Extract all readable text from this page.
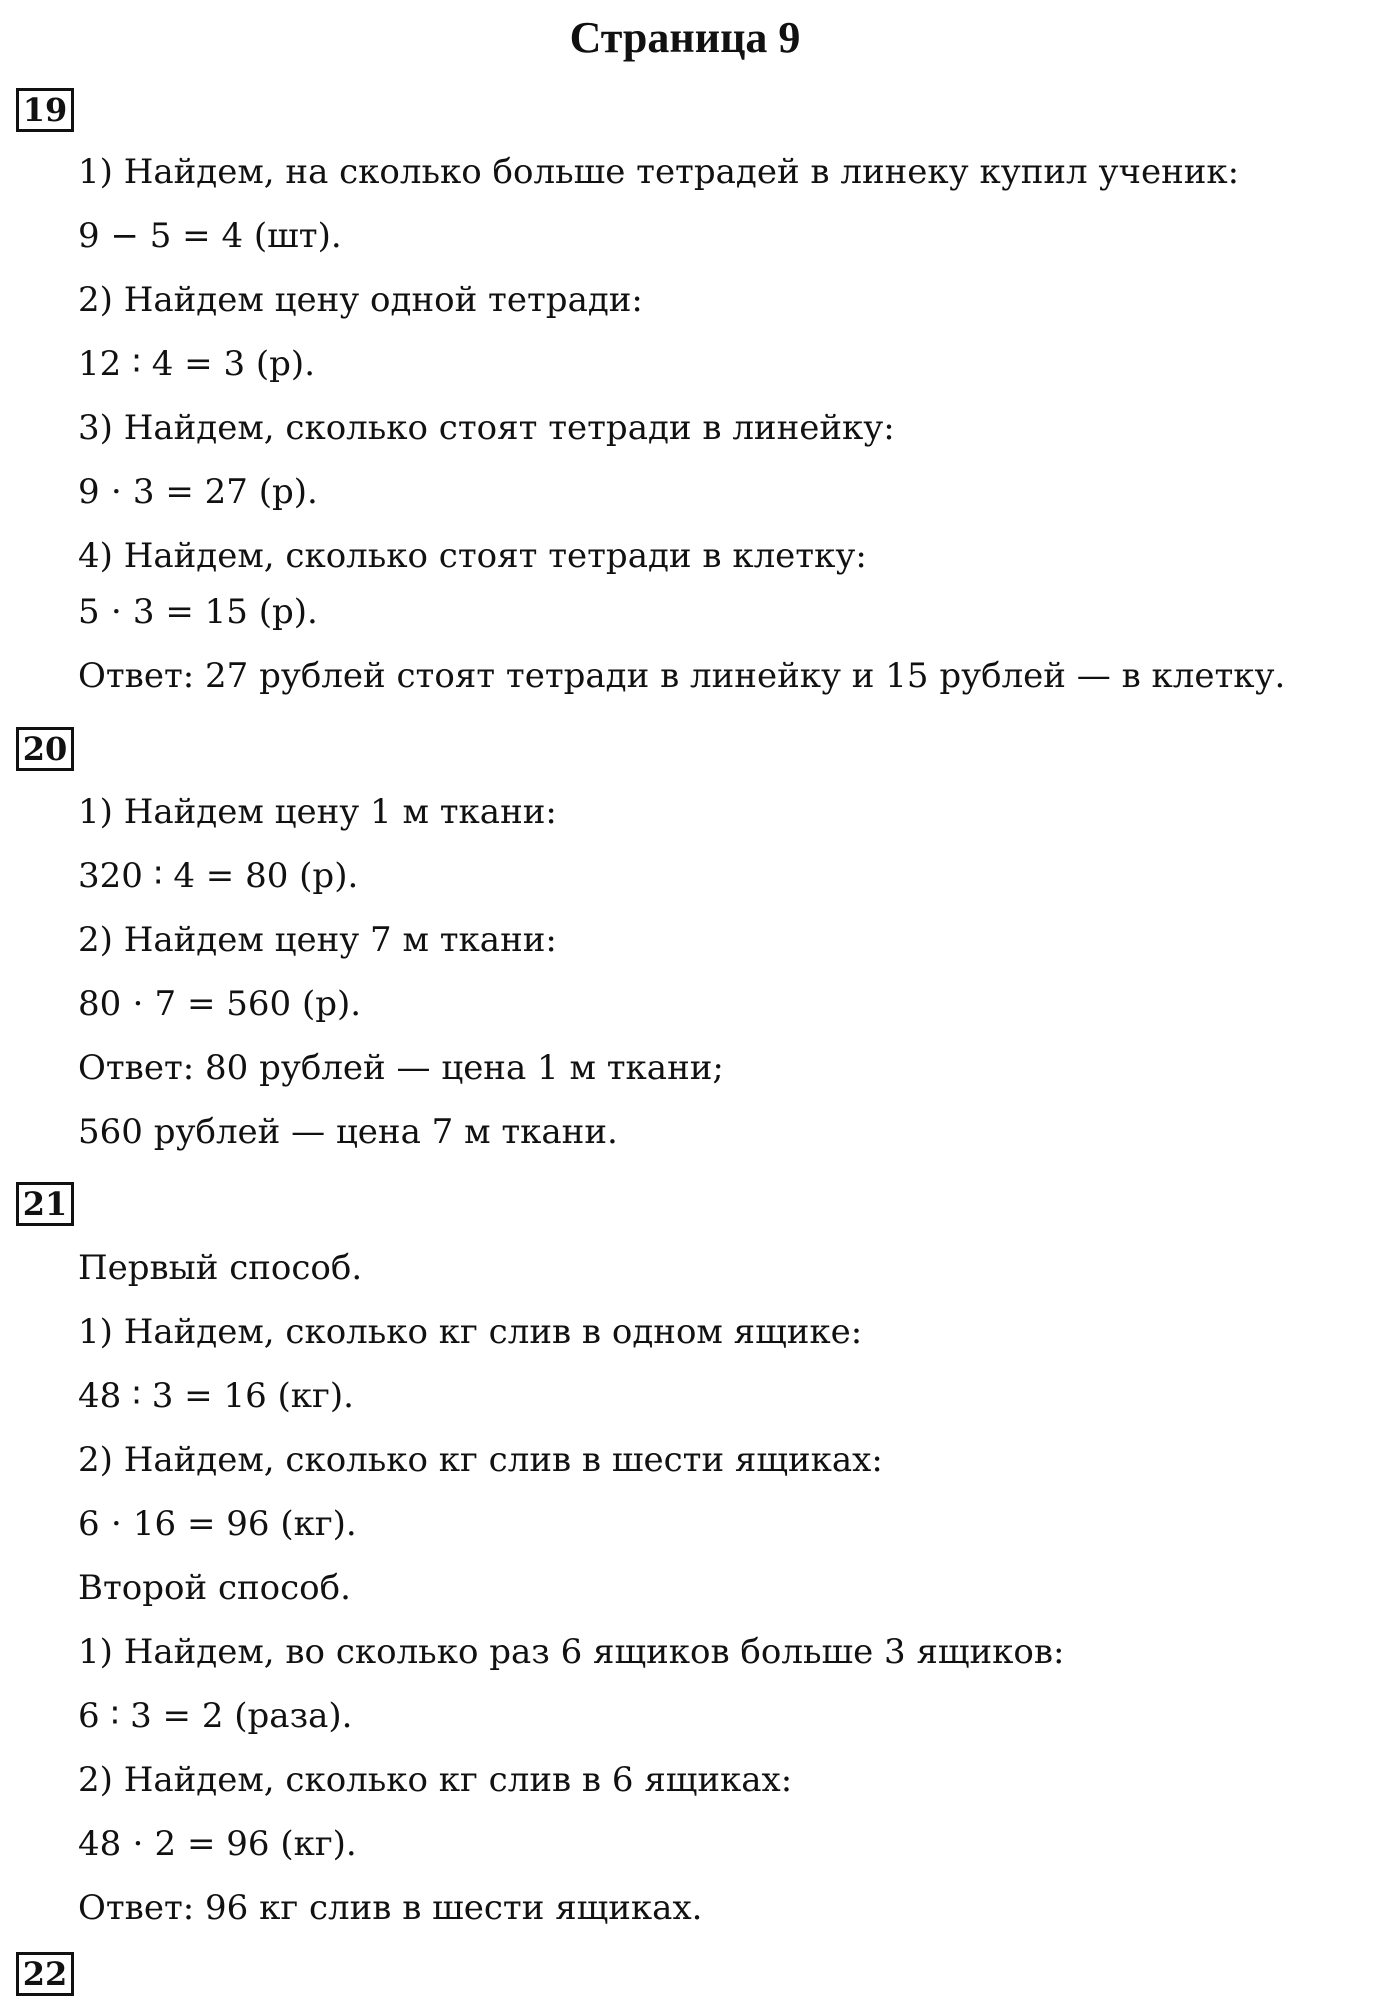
Страница 9
19
1) Найдем, на сколько больше тетрадей в линеку купил ученик:
9 − 5 = 4 (шт).
2) Найдем цену одной тетради:
12 ∶ 4 = 3 (р).
3) Найдем, сколько стоят тетради в линейку:
9 ⋅ 3 = 27 (р).
4) Найдем, сколько стоят тетради в клетку:
5 ⋅ 3 = 15 (р).
Ответ: 27 рублей стоят тетради в линейку и 15 рублей — в клетку.
20
1) Найдем цену 1 м ткани:
320 ∶ 4 = 80 (р).
2) Найдем цену 7 м ткани:
80 ⋅ 7 = 560 (р).
Ответ: 80 рублей — цена 1 м ткани;
560 рублей — цена 7 м ткани.
21
Первый способ.
1) Найдем, сколько кг слив в одном ящике:
48 ∶ 3 = 16 (кг).
2) Найдем, сколько кг слив в шести ящиках:
6 ⋅ 16 = 96 (кг).
Второй способ.
1) Найдем, во сколько раз 6 ящиков больше 3 ящиков:
6 ∶ 3 = 2 (раза).
2) Найдем, сколько кг слив в 6 ящиках:
48 ⋅ 2 = 96 (кг).
Ответ: 96 кг слив в шести ящиках.
22
